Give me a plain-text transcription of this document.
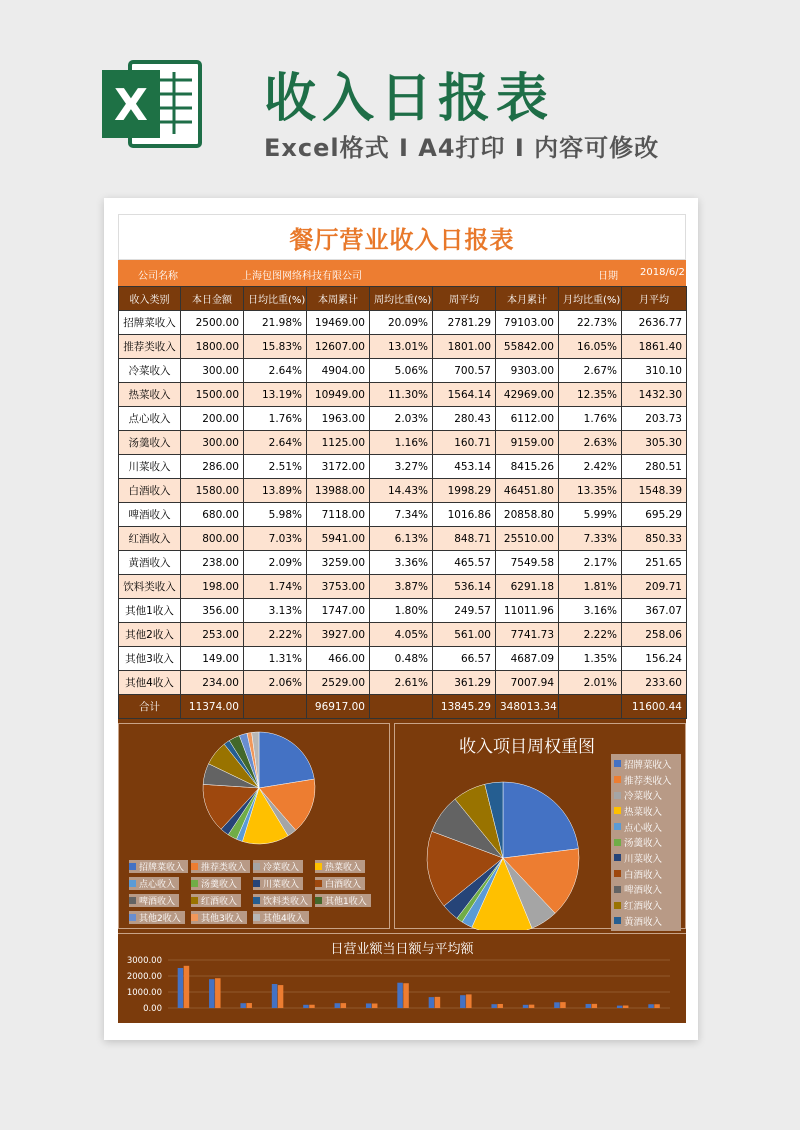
X 收入日报表
Excel格式 Ⅰ A4打印 Ⅰ 内容可修改
餐厅营业收入日报表
公司名称	上海包图网络科技有限公司	日期 2018/6/2
收入类别	本日金额	日均比重(%)	本周累计	周均比重(%)	周平均	本月累计	月均比重(%)	月平均
招牌菜收入	2500.00	21.98%	19469.00	20.09%	2781.29	79103.00	22.73%	2636.77
推荐类收入	1800.00	15.83%	12607.00	13.01%	1801.00	55842.00	16.05%	1861.40
冷菜收入	300.00	2.64%	4904.00	5.06%	700.57	9303.00	2.67%	310.10
热菜收入	1500.00	13.19%	10949.00	11.30%	1564.14	42969.00	12.35%	1432.30
点心收入	200.00	1.76%	1963.00	2.03%	280.43	6112.00	1.76%	203.73
汤羹收入	300.00	2.64%	1125.00	1.16%	160.71	9159.00	2.63%	305.30
川菜收入	286.00	2.51%	3172.00	3.27%	453.14	8415.26	2.42%	280.51
白酒收入	1580.00	13.89%	13988.00	14.43%	1998.29	46451.80	13.35%	1548.39
啤酒收入	680.00	5.98%	7118.00	7.34%	1016.86	20858.80	5.99%	695.29
红酒收入	800.00	7.03%	5941.00	6.13%	848.71	25510.00	7.33%	850.33
黄酒收入	238.00	2.09%	3259.00	3.36%	465.57	7549.58	2.17%	251.65
饮料类收入	198.00	1.74%	3753.00	3.87%	536.14	6291.18	1.81%	209.71
其他1收入	356.00	3.13%	1747.00	1.80%	249.57	11011.96	3.16%	367.07
其他2收入	253.00	2.22%	3927.00	4.05%	561.00	7741.73	2.22%	258.06
其他3收入	149.00	1.31%	466.00	0.48%	66.57	4687.09	1.35%	156.24
其他4收入	234.00	2.06%	2529.00	2.61%	361.29	7007.94	2.01%	233.60
合计	11374.00		96917.00		13845.29	348013.34		11600.44
招牌菜收入 推荐类收入 冷菜收入	热菜收入
点心收入	汤羹收入	川菜收入	白酒收入
啤酒收入	红酒收入	饮料类收入 其他1收入
其他2收入 其他3收入 其他4收入
收入项目周权重图
招牌菜收入
推荐类收入
冷菜收入
热菜收入
点心收入
汤羹收入
川菜收入
白酒收入
啤酒收入
红酒收入
黄酒收入
日营业额当日额与平均额
3000.00
2000.00
1000.00
0.00
